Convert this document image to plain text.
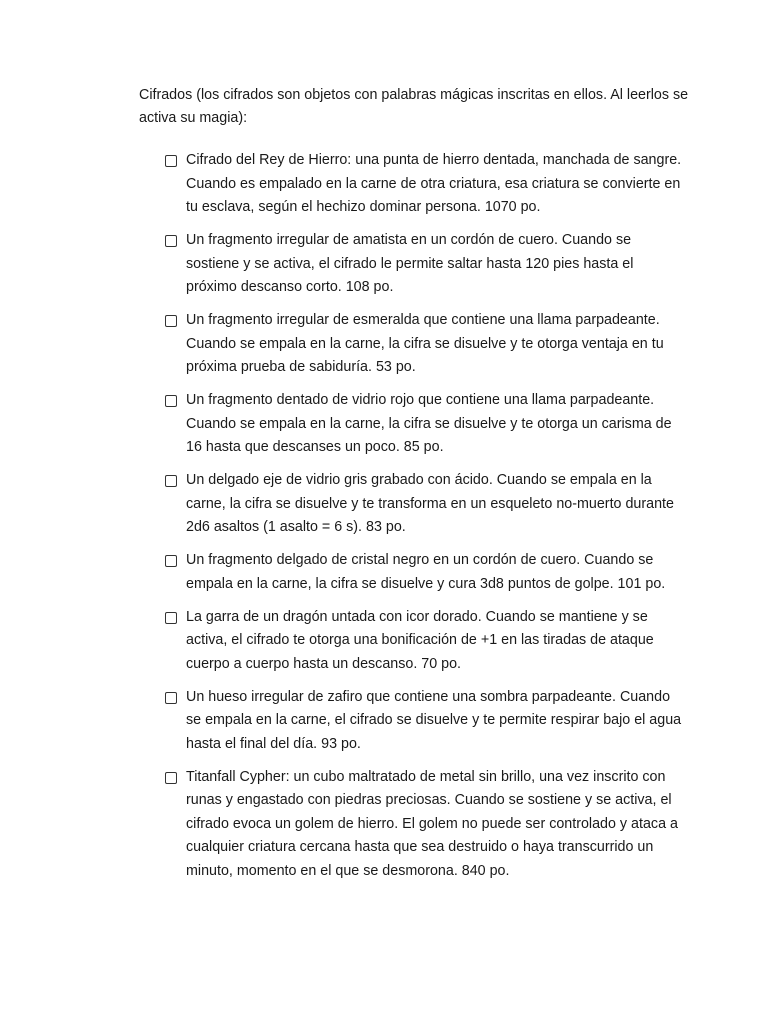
Cifrados (los cifrados son objetos con palabras mágicas inscritas en ellos. Al leerlos se activa su magia):

Cifrado del Rey de Hierro: una punta de hierro dentada, manchada de sangre. Cuando es empalado en la carne de otra criatura, esa criatura se convierte en tu esclava, según el hechizo dominar persona. 1070 po.
Un fragmento irregular de amatista en un cordón de cuero. Cuando se sostiene y se activa, el cifrado le permite saltar hasta 120 pies hasta el próximo descanso corto. 108 po.
Un fragmento irregular de esmeralda que contiene una llama parpadeante. Cuando se empala en la carne, la cifra se disuelve y te otorga ventaja en tu próxima prueba de sabiduría. 53 po.
Un fragmento dentado de vidrio rojo que contiene una llama parpadeante. Cuando se empala en la carne, la cifra se disuelve y te otorga un carisma de 16 hasta que descanses un poco. 85 po.
Un delgado eje de vidrio gris grabado con ácido. Cuando se empala en la carne, la cifra se disuelve y te transforma en un esqueleto no-muerto durante 2d6 asaltos (1 asalto = 6 s). 83 po.
Un fragmento delgado de cristal negro en un cordón de cuero. Cuando se empala en la carne, la cifra se disuelve y cura 3d8 puntos de golpe. 101 po.
La garra de un dragón untada con icor dorado. Cuando se mantiene y se activa, el cifrado te otorga una bonificación de +1 en las tiradas de ataque cuerpo a cuerpo hasta un descanso. 70 po.
Un hueso irregular de zafiro que contiene una sombra parpadeante. Cuando se empala en la carne, el cifrado se disuelve y te permite respirar bajo el agua hasta el final del día. 93 po.
Titanfall Cypher: un cubo maltratado de metal sin brillo, una vez inscrito con runas y engastado con piedras preciosas. Cuando se sostiene y se activa, el cifrado evoca un golem de hierro. El golem no puede ser controlado y ataca a cualquier criatura cercana hasta que sea destruido o haya transcurrido un minuto, momento en el que se desmorona. 840 po.
